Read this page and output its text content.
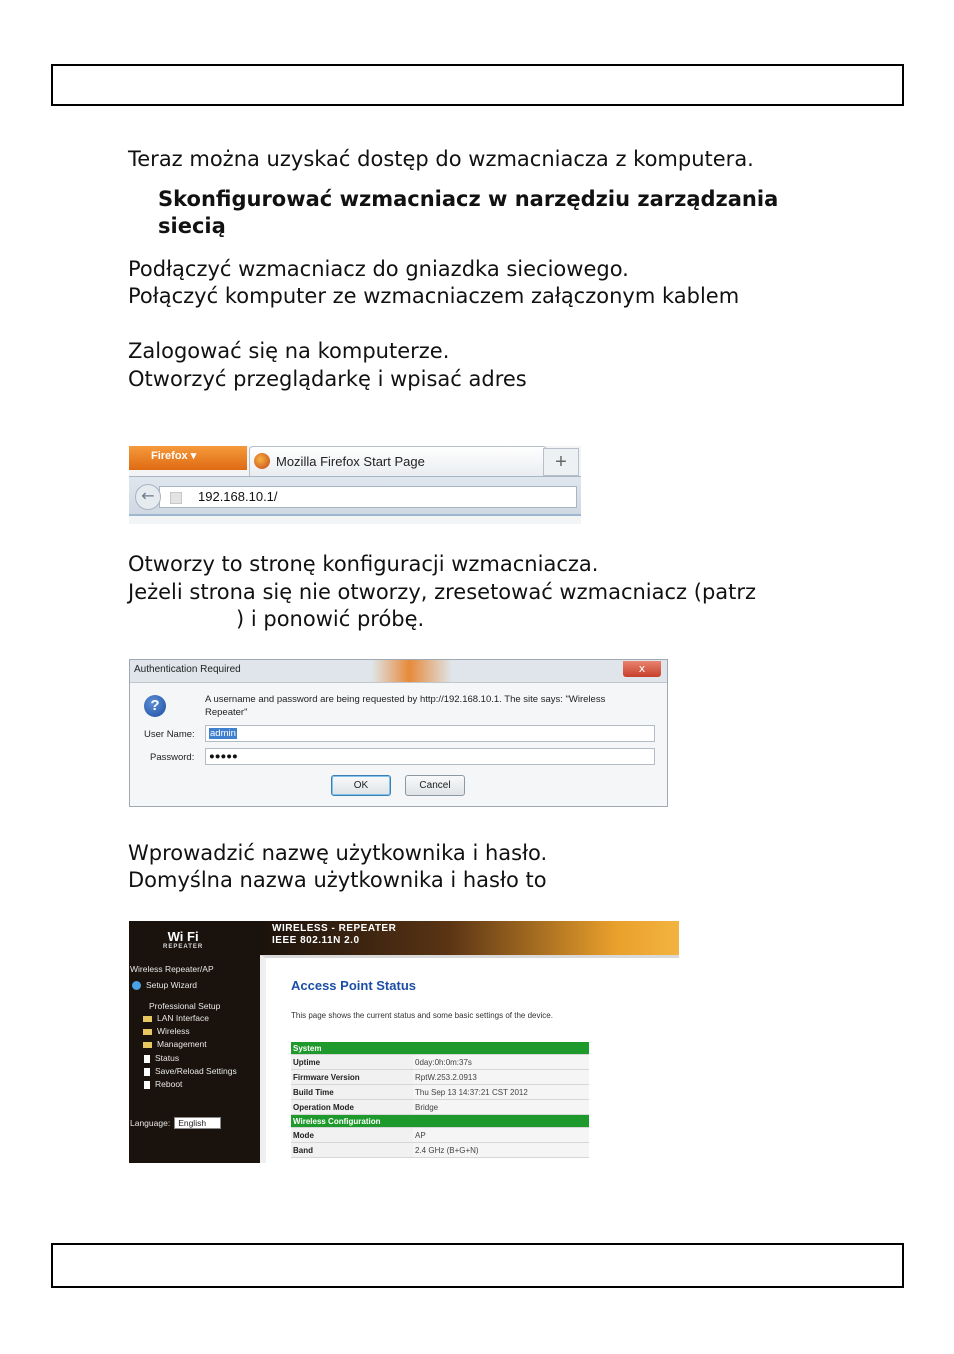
Teraz można uzyskać dostęp do wzmacniacza z komputera.
Skonfigurować wzmacniacz w narzędziu zarządzania
siecią
Podłączyć wzmacniacz do gniazdka sieciowego.
Połączyć komputer ze wzmacniaczem załączonym kablem
Zalogować się na komputerze.
Otworzyć przeglądarkę i wpisać adres
Firefox ▾	Mozilla Firefox Start Page	+
192.168.10.1/
←
Otworzy to stronę konfiguracji wzmacniacza.
Jeżeli strona się nie otworzy, zresetować wzmacniacz (patrz
) i ponowić próbę.
Authentication Required	x
?	A username and password are being requested by http://192.168.10.1. The site says: "Wireless Repeater"
User Name:	admin
Password:	●●●●●
OK	Cancel
Wprowadzić nazwę użytkownika i hasło.
Domyślna nazwa użytkownika i hasło to
Wi Fi
REPEATER
Wireless Repeater/AP
Setup Wizard
Professional Setup
LAN Interface
Wireless
Management
Status
Save/Reload Settings
Reboot
Language: English
WIRELESS - REPEATER
IEEE 802.11N 2.0
Access Point Status
This page shows the current status and some basic settings of the device.
System	
Uptime	0day:0h:0m:37s
Firmware Version	RptW.253.2.0913
Build Time	Thu Sep 13 14:37:21 CST 2012
Operation Mode	Bridge
Wireless Configuration	
Mode	AP
Band	2.4 GHz (B+G+N)
